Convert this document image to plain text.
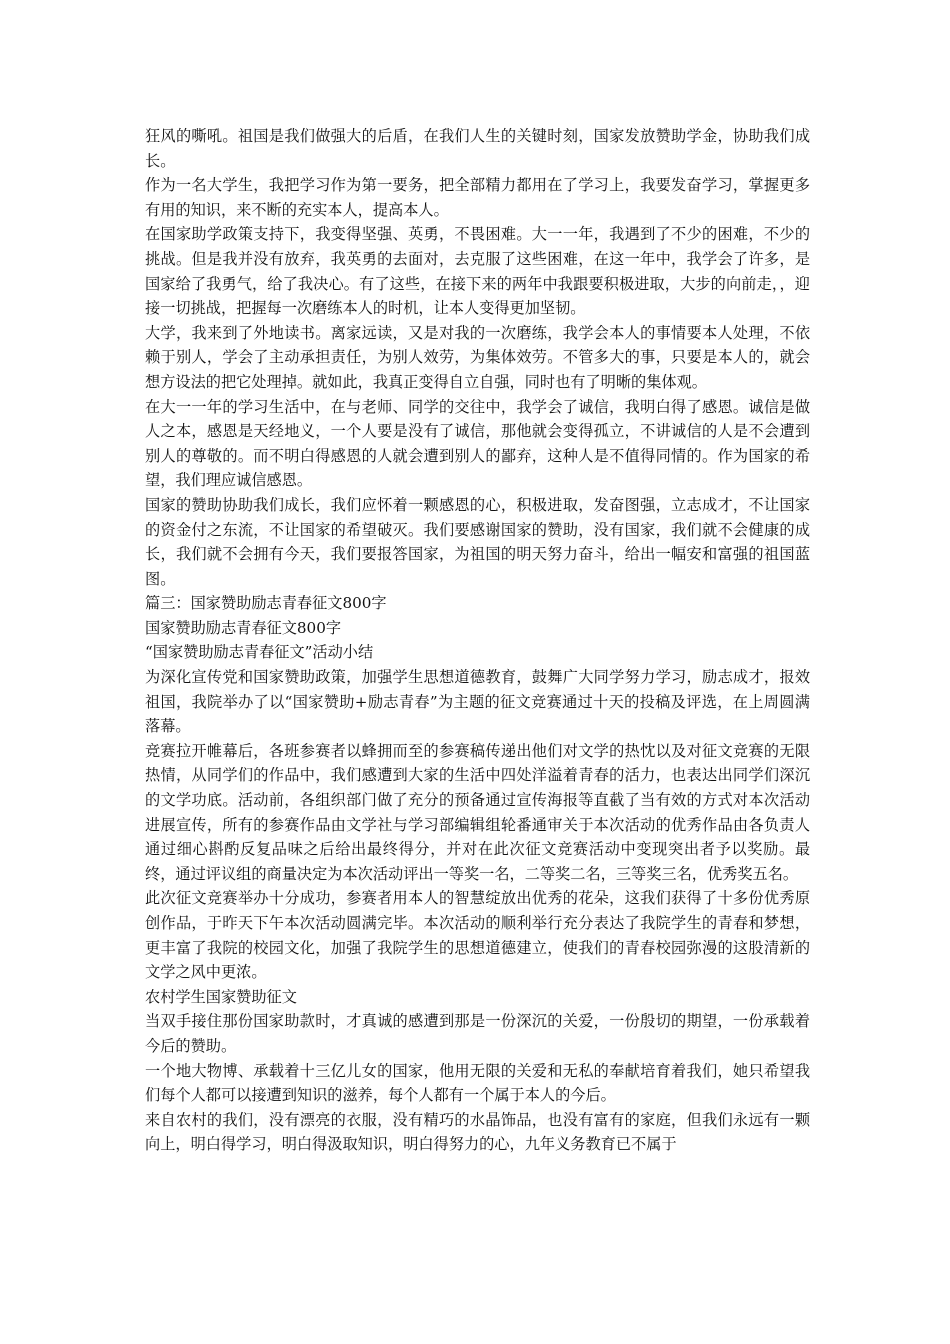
狂风的嘶吼。祖国是我们做强大的后盾，在我们人生的关键时刻，国家发放赞助学金，协助我们成长。

作为一名大学生，我把学习作为第一要务，把全部精力都用在了学习上，我要发奋学习，掌握更多有用的知识，来不断的充实本人，提高本人。

在国家助学政策支持下，我变得坚强、英勇，不畏困难。大一一年，我遇到了不少的困难，不少的挑战。但是我并没有放弃，我英勇的去面对，去克服了这些困难，在这一年中，我学会了许多，是国家给了我勇气，给了我决心。有了这些，在接下来的两年中我跟要积极进取，大步的向前走，，迎接一切挑战，把握每一次磨练本人的时机，让本人变得更加坚韧。

大学，我来到了外地读书。离家远读，又是对我的一次磨练，我学会本人的事情要本人处理，不依赖于别人，学会了主动承担责任，为别人效劳，为集体效劳。不管多大的事，只要是本人的，就会想方设法的把它处理掉。就如此，我真正变得自立自强，同时也有了明晰的集体观。

在大一一年的学习生活中，在与老师、同学的交往中，我学会了诚信，我明白得了感恩。诚信是做人之本，感恩是天经地义，一个人要是没有了诚信，那他就会变得孤立，不讲诚信的人是不会遭到别人的尊敬的。而不明白得感恩的人就会遭到别人的鄙弃，这种人是不值得同情的。作为国家的希望，我们理应诚信感恩。

国家的赞助协助我们成长，我们应怀着一颗感恩的心，积极进取，发奋图强，立志成才，不让国家的资金付之东流，不让国家的希望破灭。我们要感谢国家的赞助，没有国家，我们就不会健康的成长，我们就不会拥有今天，我们要报答国家，为祖国的明天努力奋斗，给出一幅安和富强的祖国蓝图。

篇三：国家赞助励志青春征文800字

国家赞助励志青春征文800字

“国家赞助励志青春征文”活动小结

为深化宣传党和国家赞助政策，加强学生思想道德教育，鼓舞广大同学努力学习，励志成才，报效祖国，我院举办了以“国家赞助+励志青春”为主题的征文竞赛通过十天的投稿及评选，在上周圆满落幕。

竞赛拉开帷幕后，各班参赛者以蜂拥而至的参赛稿传递出他们对文学的热忱以及对征文竞赛的无限热情，从同学们的作品中，我们感遭到大家的生活中四处洋溢着青春的活力，也表达出同学们深沉的文学功底。活动前，各组织部门做了充分的预备通过宣传海报等直截了当有效的方式对本次活动进展宣传，所有的参赛作品由文学社与学习部编辑组轮番通审关于本次活动的优秀作品由各负责人通过细心斟酌反复品味之后给出最终得分，并对在此次征文竞赛活动中变现突出者予以奖励。最终，通过评议组的商量决定为本次活动评出一等奖一名，二等奖二名，三等奖三名，优秀奖五名。

此次征文竞赛举办十分成功，参赛者用本人的智慧绽放出优秀的花朵，这我们获得了十多份优秀原创作品，于昨天下午本次活动圆满完毕。本次活动的顺利举行充分表达了我院学生的青春和梦想，更丰富了我院的校园文化，加强了我院学生的思想道德建立，使我们的青春校园弥漫的这股清新的文学之风中更浓。

农村学生国家赞助征文

当双手接住那份国家助款时，才真诚的感遭到那是一份深沉的关爱，一份殷切的期望，一份承载着今后的赞助。

一个地大物博、承载着十三亿儿女的国家，他用无限的关爱和无私的奉献培育着我们，她只希望我们每个人都可以接遭到知识的滋养，每个人都有一个属于本人的今后。

来自农村的我们，没有漂亮的衣服，没有精巧的水晶饰品，也没有富有的家庭，但我们永远有一颗向上，明白得学习，明白得汲取知识，明白得努力的心，九年义务教育已不属于
